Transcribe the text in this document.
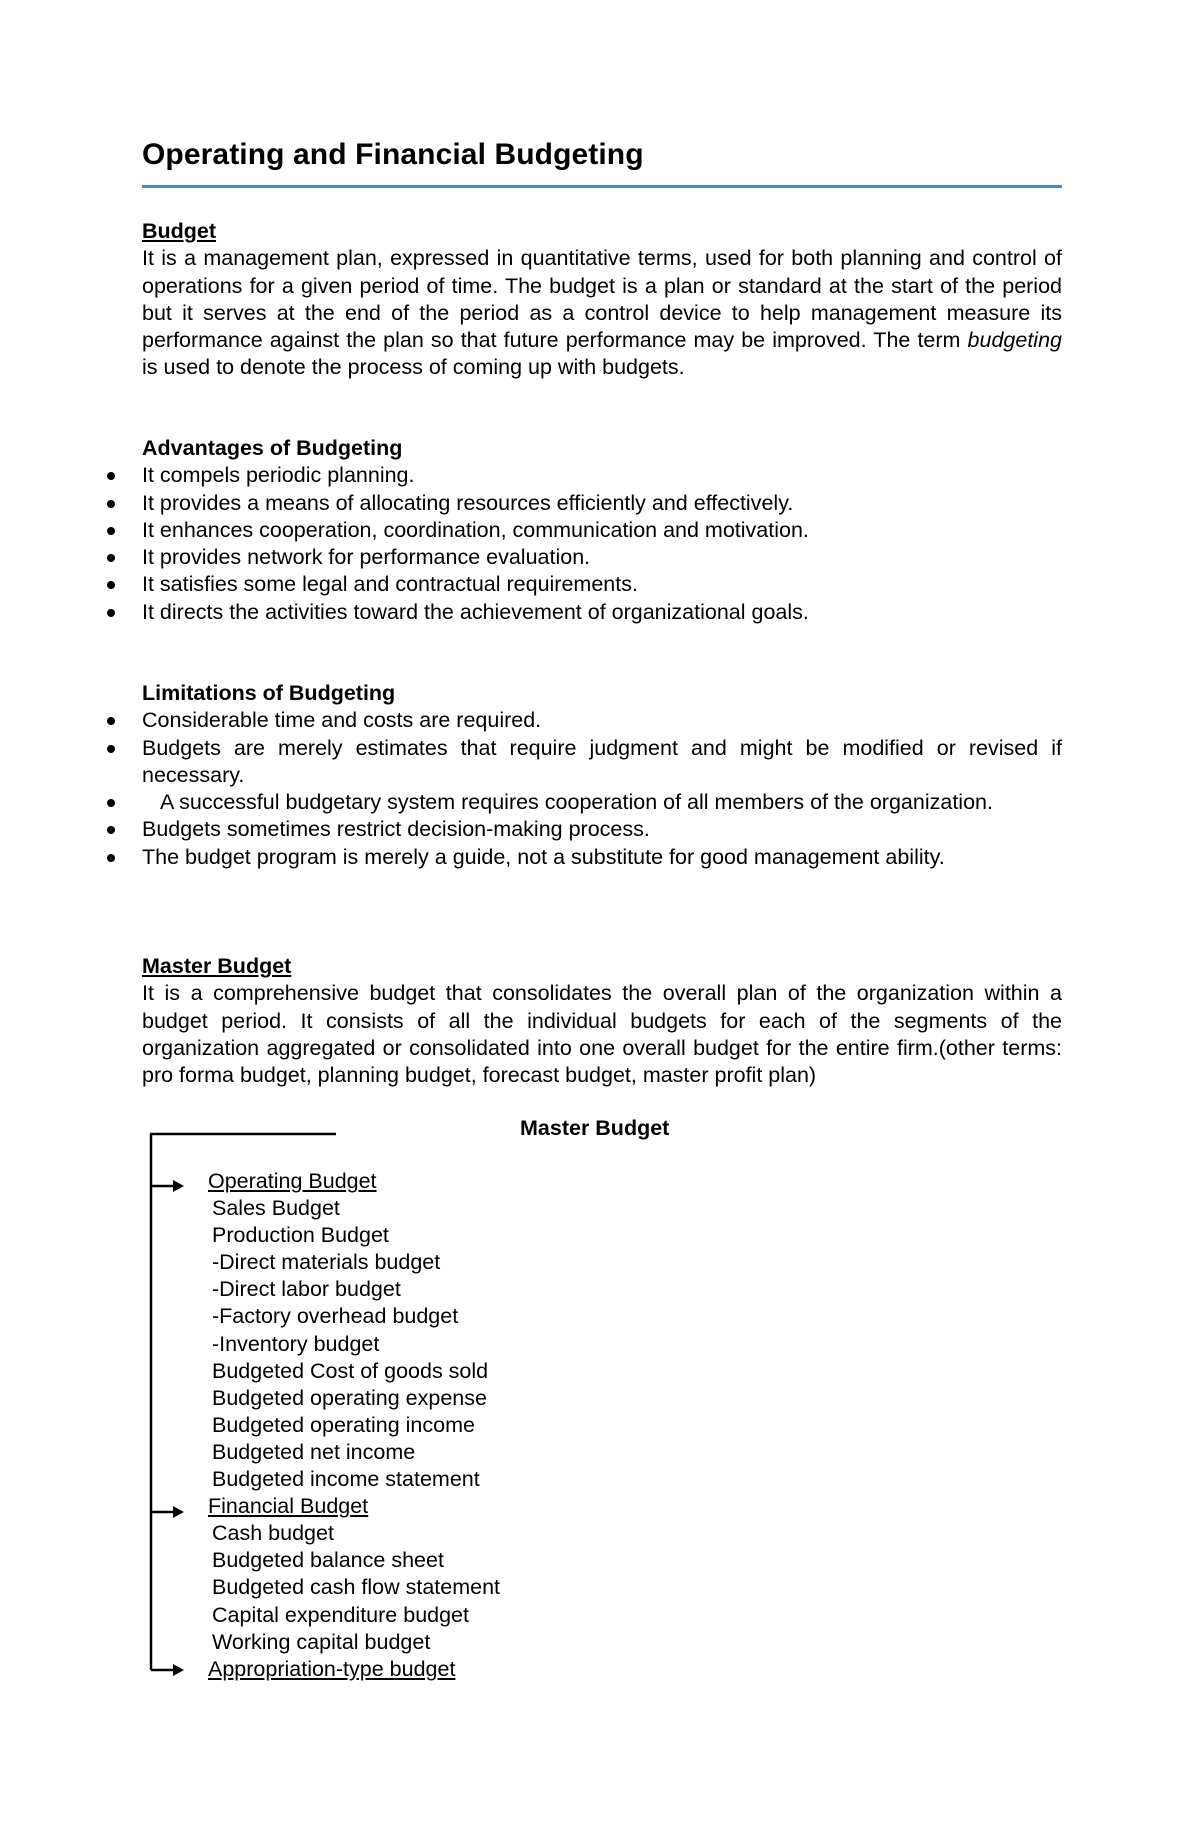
Operating and Financial Budgeting
Budget

It is a management plan, expressed in quantitative terms, used for both planning and control of operations for a given period of time. The budget is a plan or standard at the start of the period but it serves at the end of the period as a control device to help management measure its performance against the plan so that future performance may be improved. The term budgeting is used to denote the process of coming up with budgets.

Advantages of Budgeting
It compels periodic planning.
It provides a means of allocating resources efficiently and effectively.
It enhances cooperation, coordination, communication and motivation.
It provides network for performance evaluation.
It satisfies some legal and contractual requirements.
It directs the activities toward the achievement of organizational goals.
Limitations of Budgeting
Considerable time and costs are required.
Budgets are merely estimates that require judgment and might be modified or revised if necessary.
A successful budgetary system requires cooperation of all members of the organization.
Budgets sometimes restrict decision-making process.
The budget program is merely a guide, not a substitute for good management ability.
Master Budget

It is a comprehensive budget that consolidates the overall plan of the organization within a budget period. It consists of all the individual budgets for each of the segments of the organization aggregated or consolidated into one overall budget for the entire firm.(other terms: pro forma budget, planning budget, forecast budget, master profit plan)

Master Budget
Operating Budget
Sales Budget
Production Budget
-Direct materials budget
-Direct labor budget
-Factory overhead budget
-Inventory budget
Budgeted Cost of goods sold
Budgeted operating expense
Budgeted operating income
Budgeted net income
Budgeted income statement
Financial Budget
Cash budget
Budgeted balance sheet
Budgeted cash flow statement
Capital expenditure budget
Working capital budget
Appropriation-type budget
